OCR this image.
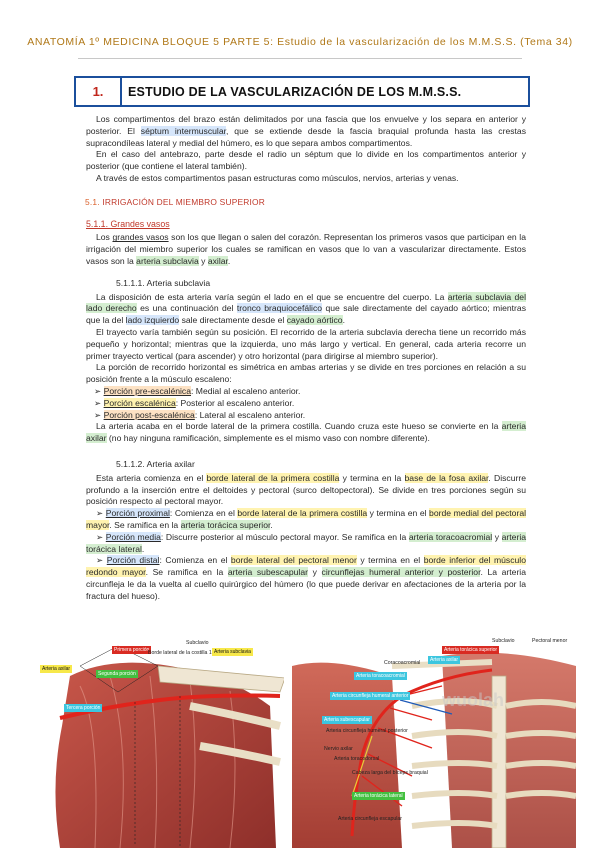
ANATOMÍA 1º MEDICINA BLOQUE 5 PARTE 5: Estudio de la vascularización de los M.M.S.S. (Tema 34)
1.	ESTUDIO DE LA VASCULARIZACIÓN DE LOS M.M.S.S.

Los compartimentos del brazo están delimitados por una fascia que los envuelve y los separa en anterior y posterior. El séptum intermuscular, que se extiende desde la fascia braquial profunda hasta las crestas supracondíleas lateral y medial del húmero, es lo que separa ambos compartimentos.

En el caso del antebrazo, parte desde el radio un séptum que lo divide en los compartimentos anterior y posterior (que contiene el lateral también).

A través de estos compartimentos pasan estructuras como músculos, nervios, arterias y venas.

5.1. IRRIGACIÓN DEL MIEMBRO SUPERIOR
5.1.1. Grandes vasos

Los grandes vasos son los que llegan o salen del corazón. Representan los primeros vasos que participan en la irrigación del miembro superior los cuales se ramifican en vasos que lo van a vascularizar directamente. Estos vasos son la arteria subclavia y axilar.

5.1.1.1. Arteria subclavia

La disposición de esta arteria varía según el lado en el que se encuentre del cuerpo. La arteria subclavia del lado derecho es una continuación del tronco braquiocefálico que sale directamente del cayado aórtico; mientras que la del lado izquierdo sale directamente desde el cayado aórtico.

El trayecto varía también según su posición. El recorrido de la arteria subclavia derecha tiene un recorrido más pequeño y horizontal; mientras que la izquierda, uno más largo y vertical. En general, cada arteria recorre un primer trayecto vertical (para ascender) y otro horizontal (para dirigirse al miembro superior).

La porción de recorrido horizontal es simétrica en ambas arterias y se divide en tres porciones en relación a su posición frente a la músculo escaleno:

➢ Porción pre-escalénica: Medial al escaleno anterior.

➢ Porción escalénica: Posterior al escaleno anterior.

➢ Porción post-escalénica: Lateral al escaleno anterior.

La arteria acaba en el borde lateral de la primera costilla. Cuando cruza este hueso se convierte en la arteria axilar (no hay ninguna ramificación, simplemente es el mismo vaso con nombre diferente).

5.1.1.2. Arteria axilar

Esta arteria comienza en el borde lateral de la primera costilla y termina en la base de la fosa axilar. Discurre profundo a la inserción entre el deltoides y pectoral (surco deltopectoral). Se divide en tres porciones según su posición respecto al pectoral mayor.

➢ Porción proximal: Comienza en el borde lateral de la primera costilla y termina en el borde medial del pectoral mayor. Se ramifica en la arteria torácica superior.

➢ Porción media: Discurre posterior al músculo pectoral mayor. Se ramifica en la arteria toracoacromial y arteria torácica lateral.

➢ Porción distal: Comienza en el borde lateral del pectoral menor y termina en el borde inferior del músculo redondo mayor. Se ramifica en la arteria subescapular y circunflejas humeral anterior y posterior. La arteria circunfleja le da la vuelta al cuello quirúrgico del húmero (lo que puede derivar en afectaciones de la arteria por la fractura del hueso).

Arteria axilar
Primera porción
Segunda porción
Tercera porción
Borde lateral de la costilla 1
Subclavio
Arteria subclavia
wuolah
Subclavio	Pectoral menor
Arteria torácica superior
Arteria axilar
Coracoacromial
Arteria toracoacromial
Arteria circunfleja humeral anterior
Arteria subescapular
Arteria circunfleja humeral posterior
Nervio axilar
Arteria toracodorsal
Cabeza larga del bíceps braquial
Arteria torácica lateral
Arteria circunfleja escapular
